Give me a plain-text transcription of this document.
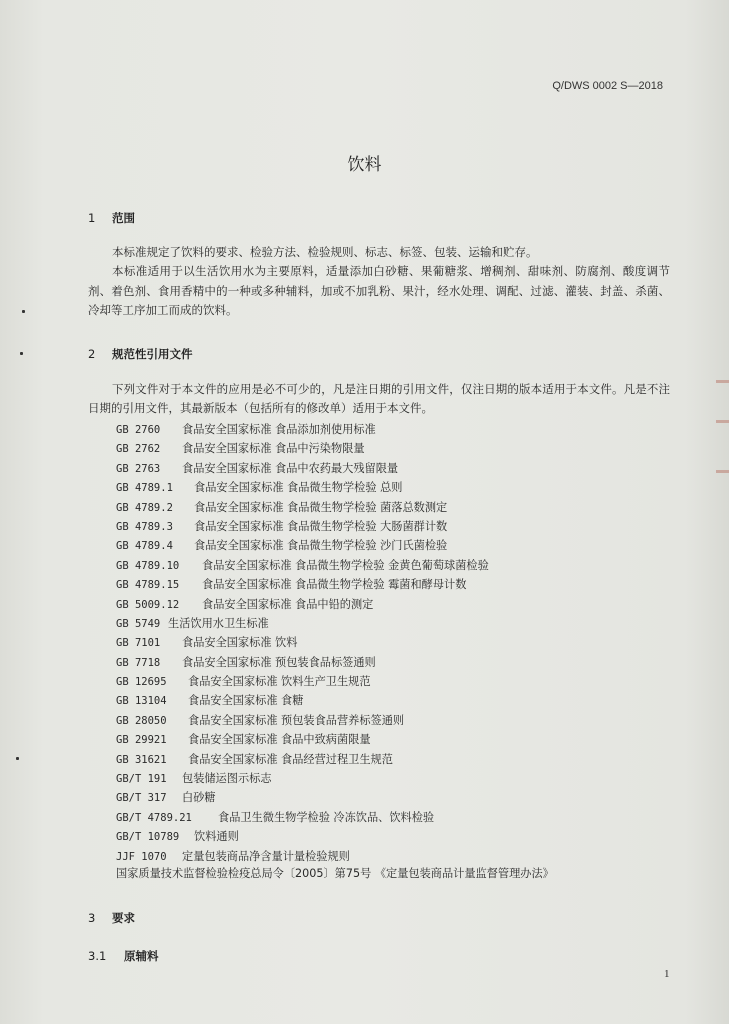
Q/DWS 0002 S—2018
饮料
1 范围

本标准规定了饮料的要求、检验方法、检验规则、标志、标签、包装、运输和贮存。

本标准适用于以生活饮用水为主要原料，适量添加白砂糖、果葡糖浆、增稠剂、甜味剂、防腐剂、酸度调节剂、着色剂、食用香精中的一种或多种辅料，加或不加乳粉、果汁，经水处理、调配、过滤、灌装、封盖、杀菌、冷却等工序加工而成的饮料。

2 规范性引用文件

下列文件对于本文件的应用是必不可少的，凡是注日期的引用文件，仅注日期的版本适用于本文件。凡是不注日期的引用文件，其最新版本（包括所有的修改单）适用于本文件。

GB 2760 食品安全国家标准 食品添加剂使用标准
GB 2762 食品安全国家标准 食品中污染物限量
GB 2763 食品安全国家标准 食品中农药最大残留限量
GB 4789.1 食品安全国家标准 食品微生物学检验 总则
GB 4789.2 食品安全国家标准 食品微生物学检验 菌落总数测定
GB 4789.3 食品安全国家标准 食品微生物学检验 大肠菌群计数
GB 4789.4 食品安全国家标准 食品微生物学检验 沙门氏菌检验
GB 4789.10 食品安全国家标准 食品微生物学检验 金黄色葡萄球菌检验
GB 4789.15 食品安全国家标准 食品微生物学检验 霉菌和酵母计数
GB 5009.12 食品安全国家标准 食品中铅的测定
GB 5749 生活饮用水卫生标准
GB 7101 食品安全国家标准 饮料
GB 7718 食品安全国家标准 预包装食品标签通则
GB 12695 食品安全国家标准 饮料生产卫生规范
GB 13104 食品安全国家标准 食糖
GB 28050 食品安全国家标准 预包装食品营养标签通则
GB 29921 食品安全国家标准 食品中致病菌限量
GB 31621 食品安全国家标准 食品经营过程卫生规范
GB/T 191 包装储运图示标志
GB/T 317 白砂糖
GB/T 4789.21 食品卫生微生物学检验 冷冻饮品、饮料检验
GB/T 10789 饮料通则
JJF 1070 定量包装商品净含量计量检验规则
国家质量技术监督检验检疫总局令〔2005〕第75号 《定量包装商品计量监督管理办法》
3 要求
3.1 原辅料
1
